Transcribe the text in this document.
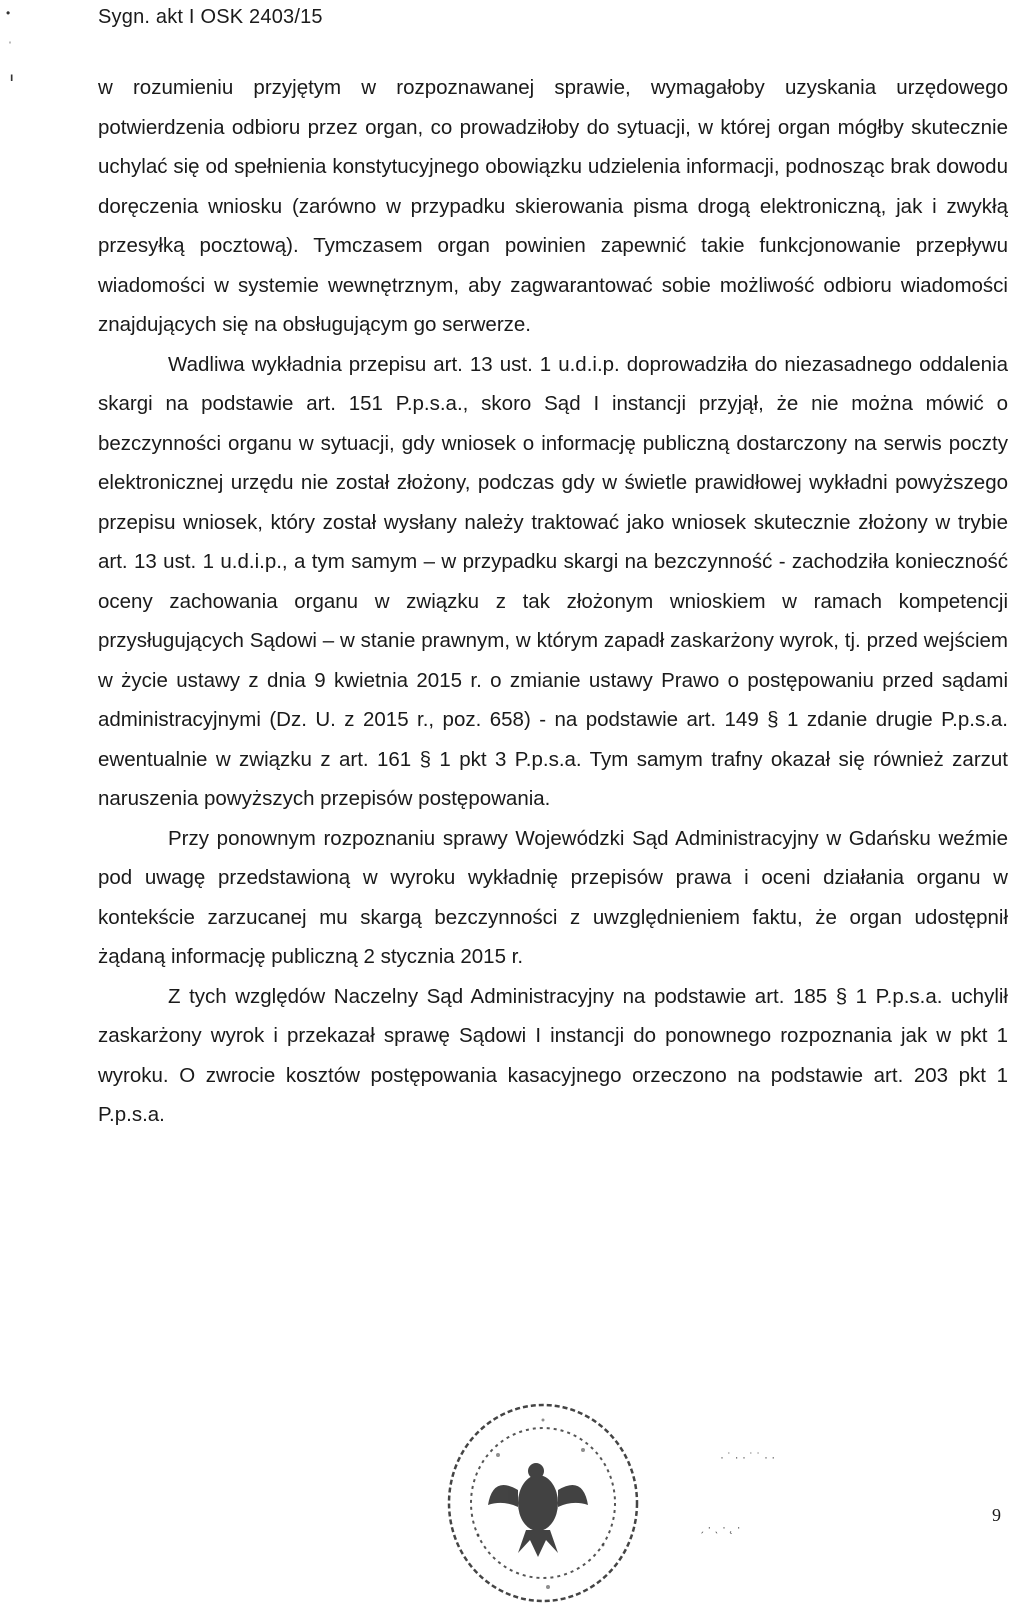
•
ˌ
ı
Sygn. akt I OSK 2403/15

w rozumieniu przyjętym w rozpoznawanej sprawie, wymagałoby uzyskania urzędowego potwierdzenia odbioru przez organ, co prowadziłoby do sytuacji, w której organ mógłby skutecznie uchylać się od spełnienia konstytucyjnego obowiązku udzielenia informacji, podnosząc brak dowodu doręczenia wniosku (zarówno w przypadku skierowania pisma drogą elektroniczną, jak i zwykłą przesyłką pocztową). Tymczasem organ powinien zapewnić takie funkcjonowanie przepływu wiadomości w systemie wewnętrznym, aby zagwarantować sobie możliwość odbioru wiadomości znajdujących się na obsługującym go serwerze.

Wadliwa wykładnia przepisu art. 13 ust. 1 u.d.i.p. doprowadziła do niezasadnego oddalenia skargi na podstawie art. 151 P.p.s.a., skoro Sąd I instancji przyjął, że nie można mówić o bezczynności organu w sytuacji, gdy wniosek o informację publiczną dostarczony na serwis poczty elektronicznej urzędu nie został złożony, podczas gdy w świetle prawidłowej wykładni powyższego przepisu wniosek, który został wysłany należy traktować jako wniosek skutecznie złożony w trybie art. 13 ust. 1 u.d.i.p., a tym samym – w przypadku skargi na bezczynność - zachodziła konieczność oceny zachowania organu w związku z tak złożonym wnioskiem w ramach kompetencji przysługujących Sądowi – w stanie prawnym, w którym zapadł zaskarżony wyrok, tj. przed wejściem w życie ustawy z dnia 9 kwietnia 2015 r. o zmianie ustawy Prawo o postępowaniu przed sądami administracyjnymi (Dz. U. z 2015 r., poz. 658) - na podstawie art. 149 § 1 zdanie drugie P.p.s.a. ewentualnie w związku z art. 161 § 1 pkt 3 P.p.s.a. Tym samym trafny okazał się również zarzut naruszenia powyższych przepisów postępowania.

Przy ponownym rozpoznaniu sprawy Wojewódzki Sąd Administracyjny w Gdańsku weźmie pod uwagę przedstawioną w wyroku wykładnię przepisów prawa i oceni działania organu w kontekście zarzucanej mu skargą bezczynności z uwzględnieniem faktu, że organ udostępnił żądaną informację publiczną 2 stycznia 2015 r.

Z tych względów Naczelny Sąd Administracyjny na podstawie art. 185 § 1 P.p.s.a. uchylił zaskarżony wyrok i przekazał sprawę Sądowi I instancji do ponownego rozpoznania jak w pkt 1 wyroku. O zwrocie kosztów postępowania kasacyjnego orzeczono na podstawie art. 203 pkt 1 P.p.s.a.

· ˙ · · ˙ ˙ · ·
ˏ · ˎ · ˛ ·
9
